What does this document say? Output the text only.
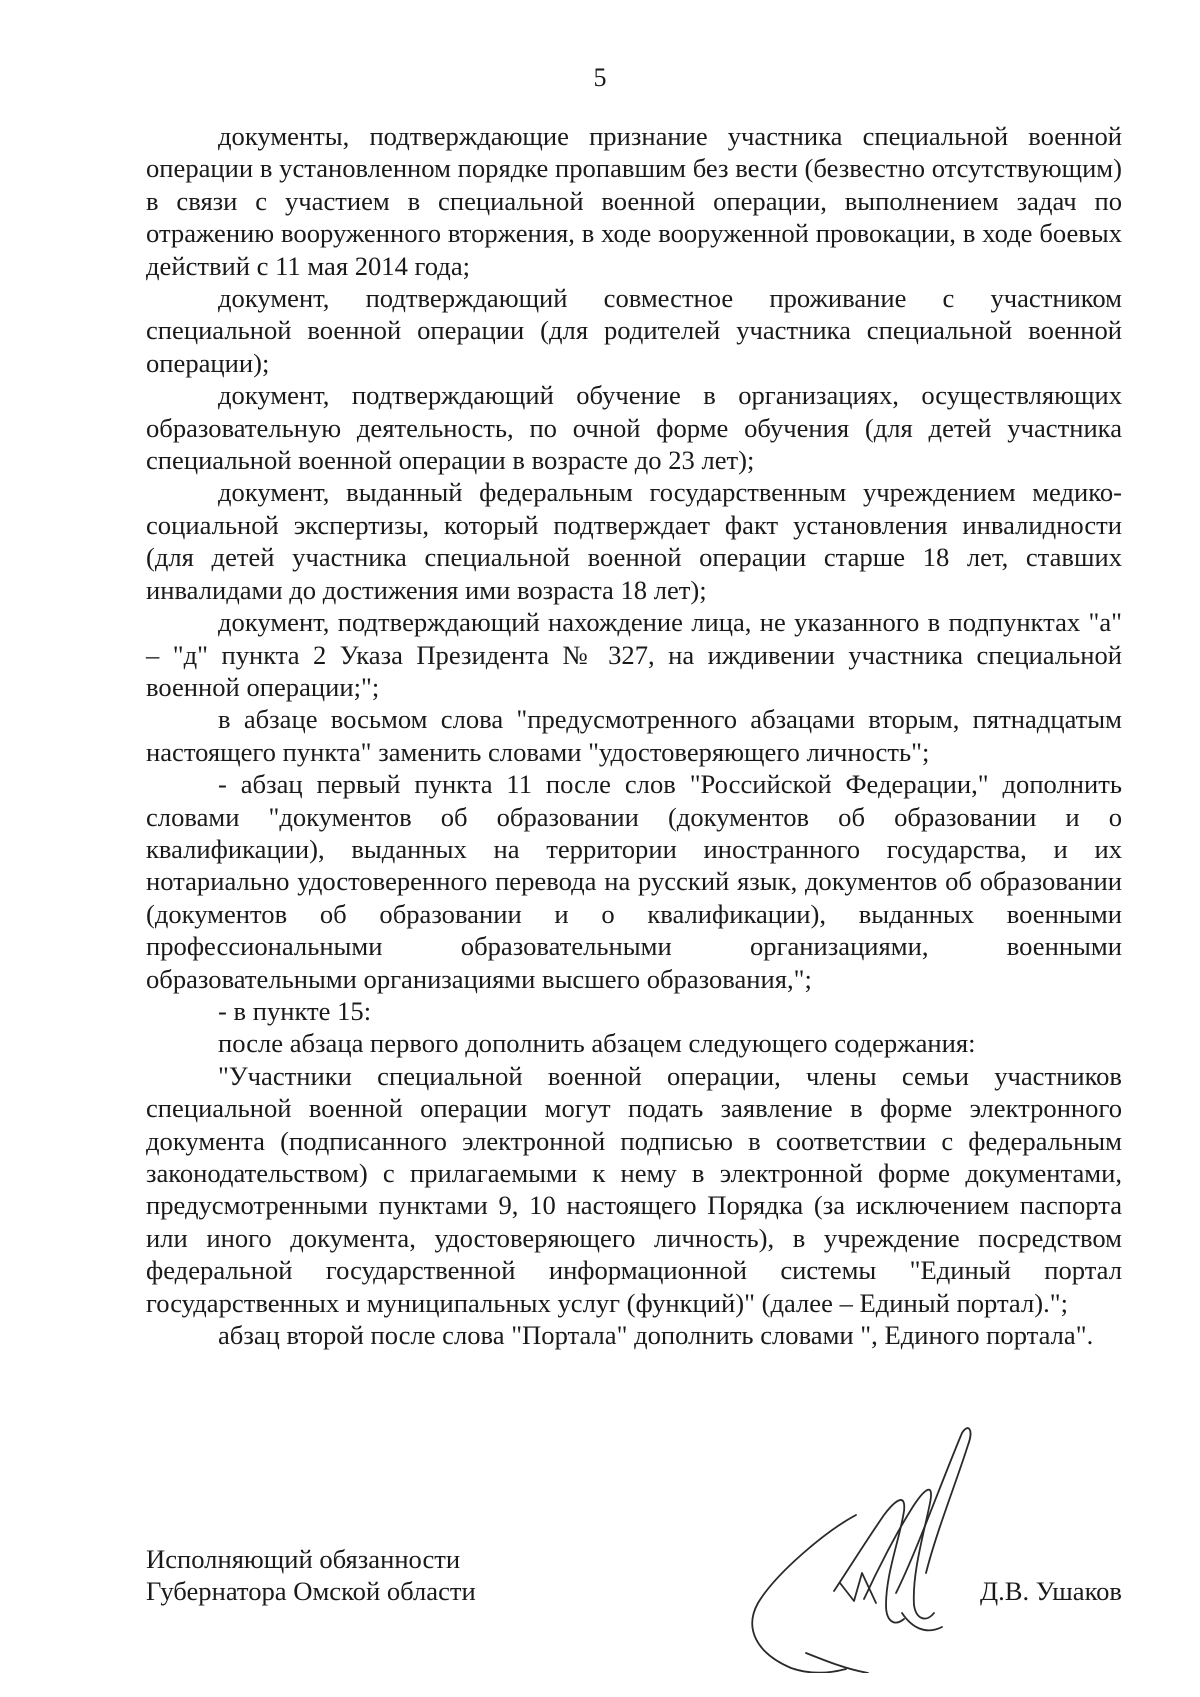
5

документы, подтверждающие признание участника специальной военной операции в установленном порядке пропавшим без вести (безвестно отсутствующим) в связи с участием в специальной военной операции, выполнением задач по отражению вооруженного вторжения, в ходе вооруженной провокации, в ходе боевых действий с 11 мая 2014 года;

документ, подтверждающий совместное проживание с участником специальной военной операции (для родителей участника специальной военной операции);

документ, подтверждающий обучение в организациях, осуществляющих образовательную деятельность, по очной форме обучения (для детей участника специальной военной операции в возрасте до 23 лет);

документ, выданный федеральным государственным учреждением медико-социальной экспертизы, который подтверждает факт установления инвалидности (для детей участника специальной военной операции старше 18 лет, ставших инвалидами до достижения ими возраста 18 лет);

документ, подтверждающий нахождение лица, не указанного в подпунктах "а" – "д" пункта 2 Указа Президента № 327, на иждивении участника специальной военной операции;";

в абзаце восьмом слова "предусмотренного абзацами вторым, пятнадцатым настоящего пункта" заменить словами "удостоверяющего личность";

- абзац первый пункта 11 после слов "Российской Федерации," дополнить словами "документов об образовании (документов об образовании и о квалификации), выданных на территории иностранного государства, и их нотариально удостоверенного перевода на русский язык, документов об образовании (документов об образовании и о квалификации), выданных военными профессиональными образовательными организациями, военными образовательными организациями высшего образования,";

- в пункте 15:

после абзаца первого дополнить абзацем следующего содержания:

"Участники специальной военной операции, члены семьи участников специальной военной операции могут подать заявление в форме электронного документа (подписанного электронной подписью в соответствии с федеральным законодательством) с прилагаемыми к нему в электронной форме документами, предусмотренными пунктами 9, 10 настоящего Порядка (за исключением паспорта или иного документа, удостоверяющего личность), в учреждение посредством федеральной государственной информационной системы "Единый портал государственных и муниципальных услуг (функций)" (далее – Единый портал).";

абзац второй после слова "Портала" дополнить словами ", Единого портала".

Исполняющий обязанности
Губернатора Омской области	Д.В. Ушаков
